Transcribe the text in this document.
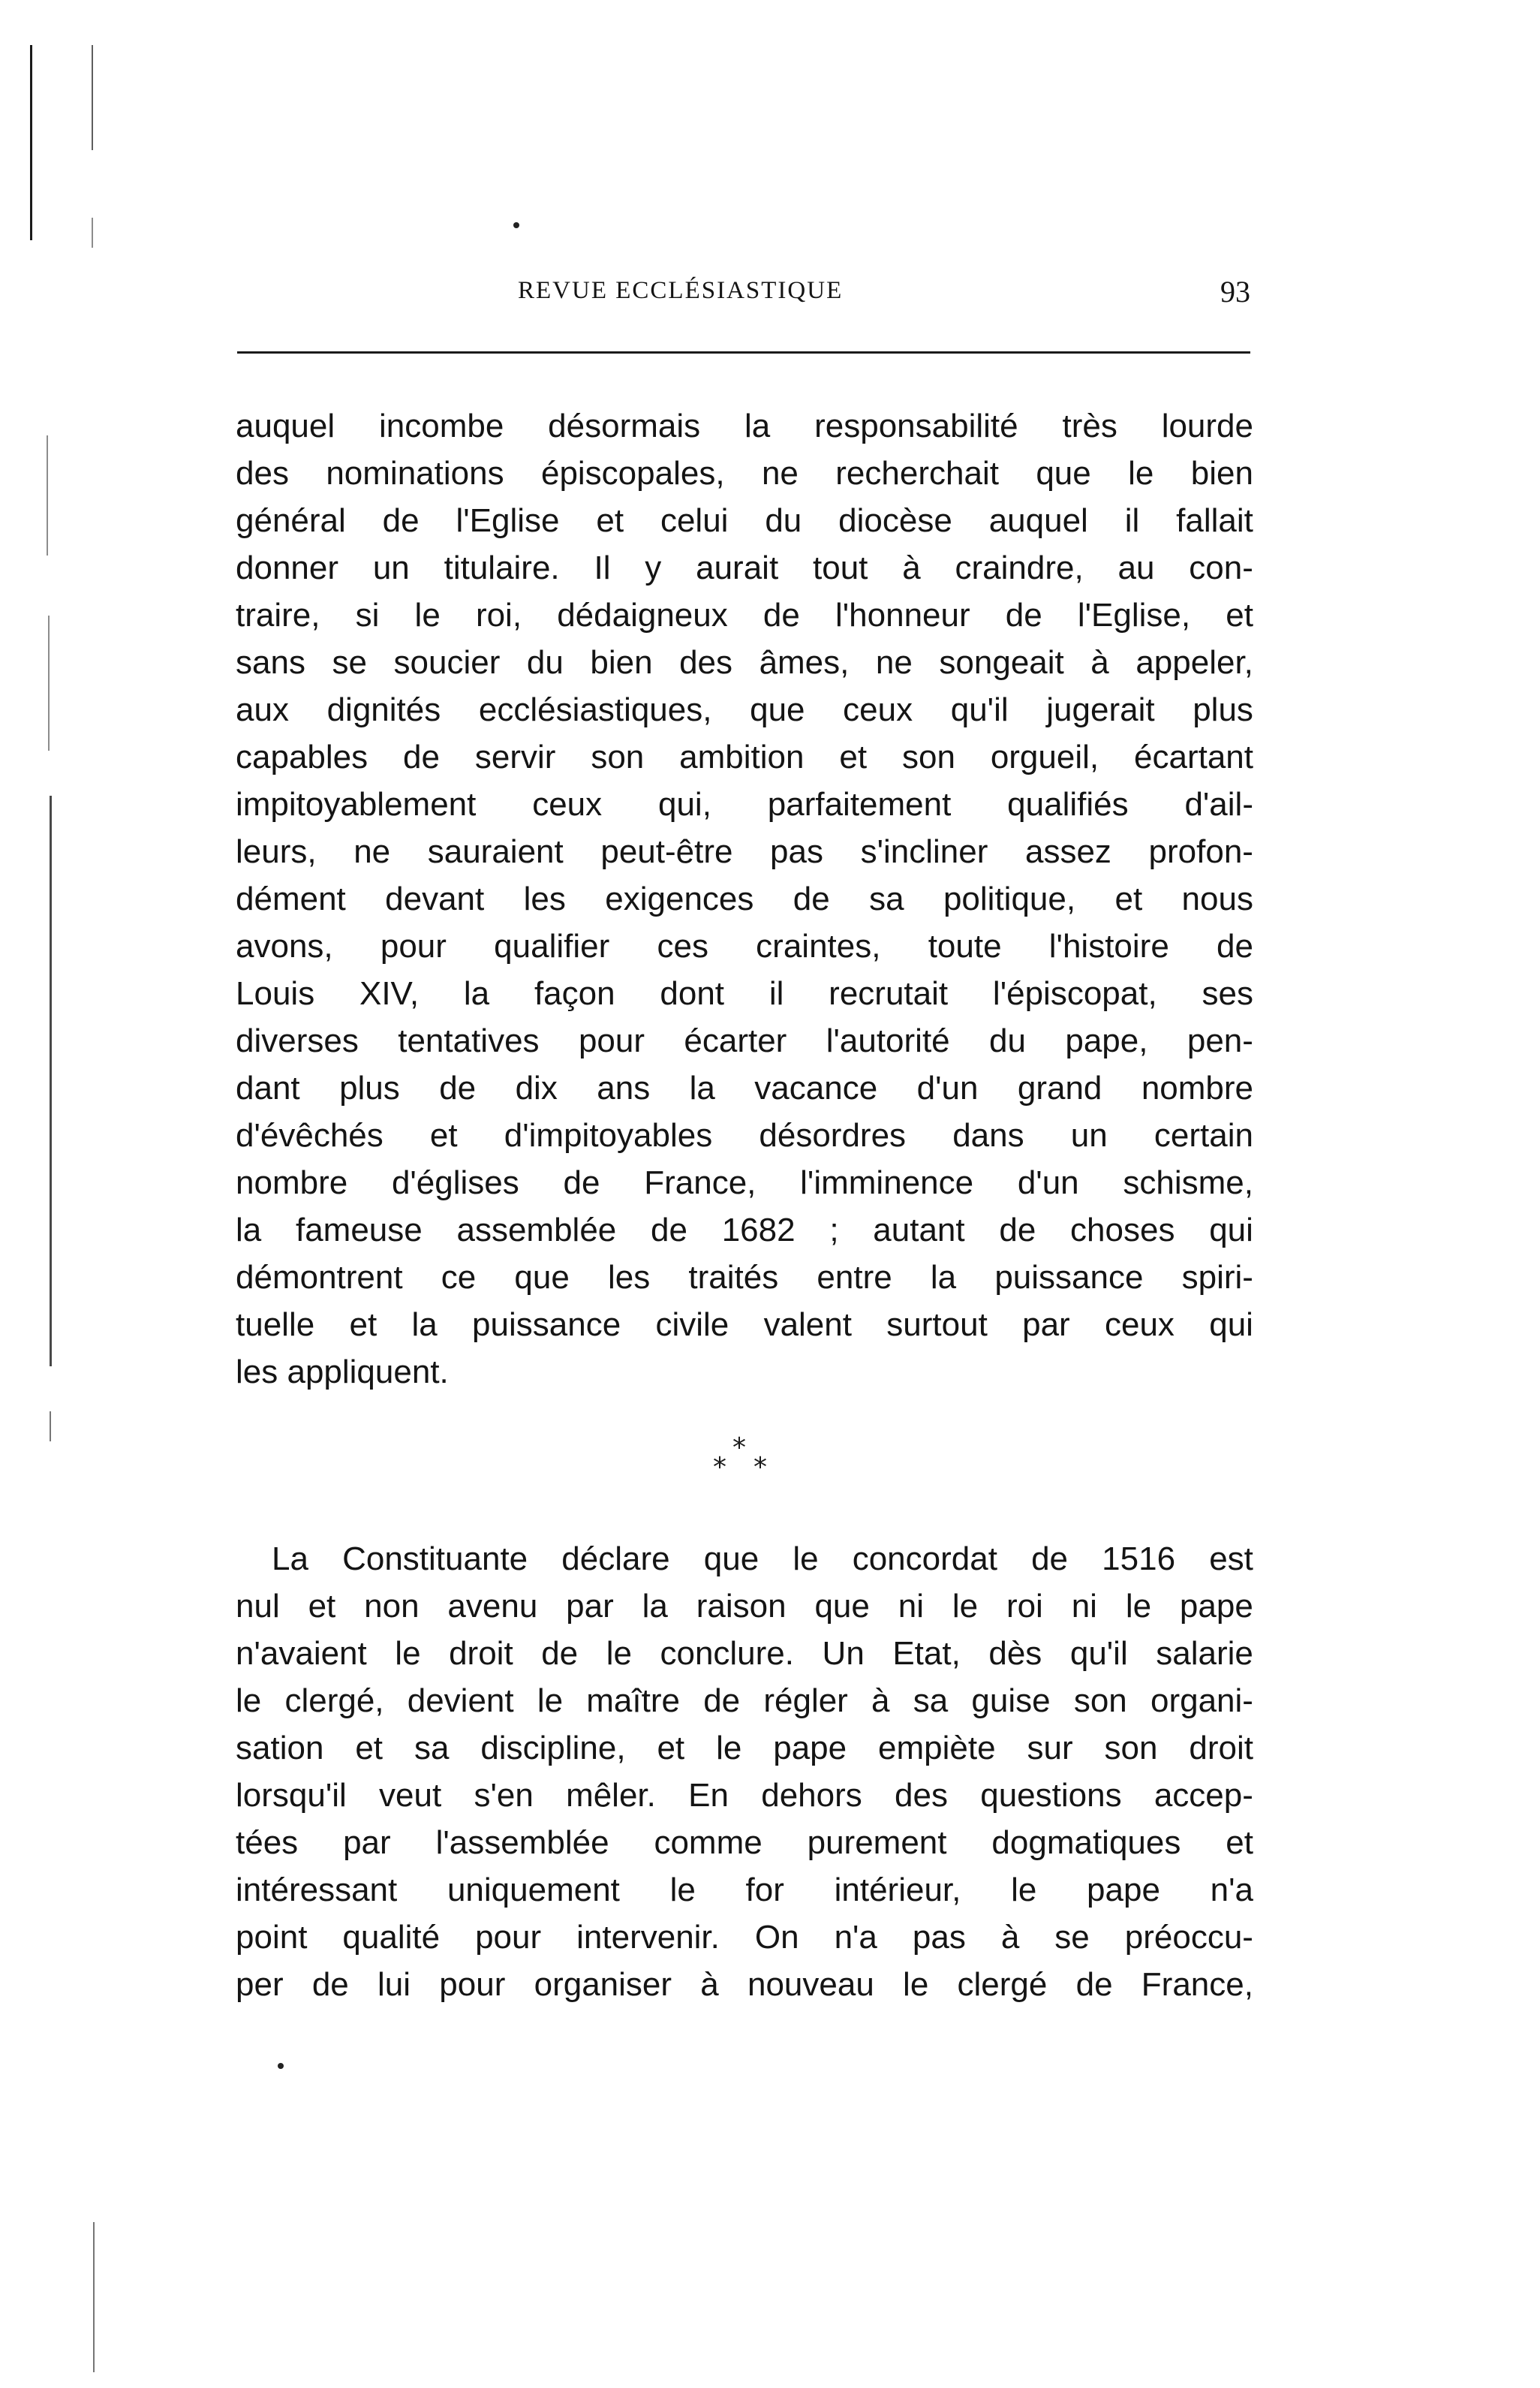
REVUE ECCLÉSIASTIQUE	93
auquel incombe désormais la responsabilité très lourde
des nominations épiscopales, ne recherchait que le bien
général de l'Eglise et celui du diocèse auquel il fallait
donner un titulaire. Il y aurait tout à craindre, au con-
traire, si le roi, dédaigneux de l'honneur de l'Eglise, et
sans se soucier du bien des âmes, ne songeait à appeler,
aux dignités ecclésiastiques, que ceux qu'il jugerait plus
capables de servir son ambition et son orgueil, écartant
impitoyablement ceux qui, parfaitement qualifiés d'ail-
leurs, ne sauraient peut-être pas s'incliner assez profon-
dément devant les exigences de sa politique, et nous
avons, pour qualifier ces craintes, toute l'histoire de
Louis XIV, la façon dont il recrutait l'épiscopat, ses
diverses tentatives pour écarter l'autorité du pape, pen-
dant plus de dix ans la vacance d'un grand nombre
d'évêchés et d'impitoyables désordres dans un certain
nombre d'églises de France, l'imminence d'un schisme,
la fameuse assemblée de 1682 ; autant de choses qui
démontrent ce que les traités entre la puissance spiri-
tuelle et la puissance civile valent surtout par ceux qui
les appliquent.
*
* *
La Constituante déclare que le concordat de 1516 est
nul et non avenu par la raison que ni le roi ni le pape
n'avaient le droit de le conclure. Un Etat, dès qu'il salarie
le clergé, devient le maître de régler à sa guise son organi-
sation et sa discipline, et le pape empiète sur son droit
lorsqu'il veut s'en mêler. En dehors des questions accep-
tées par l'assemblée comme purement dogmatiques et
intéressant uniquement le for intérieur, le pape n'a
point qualité pour intervenir. On n'a pas à se préoccu-
per de lui pour organiser à nouveau le clergé de France,
